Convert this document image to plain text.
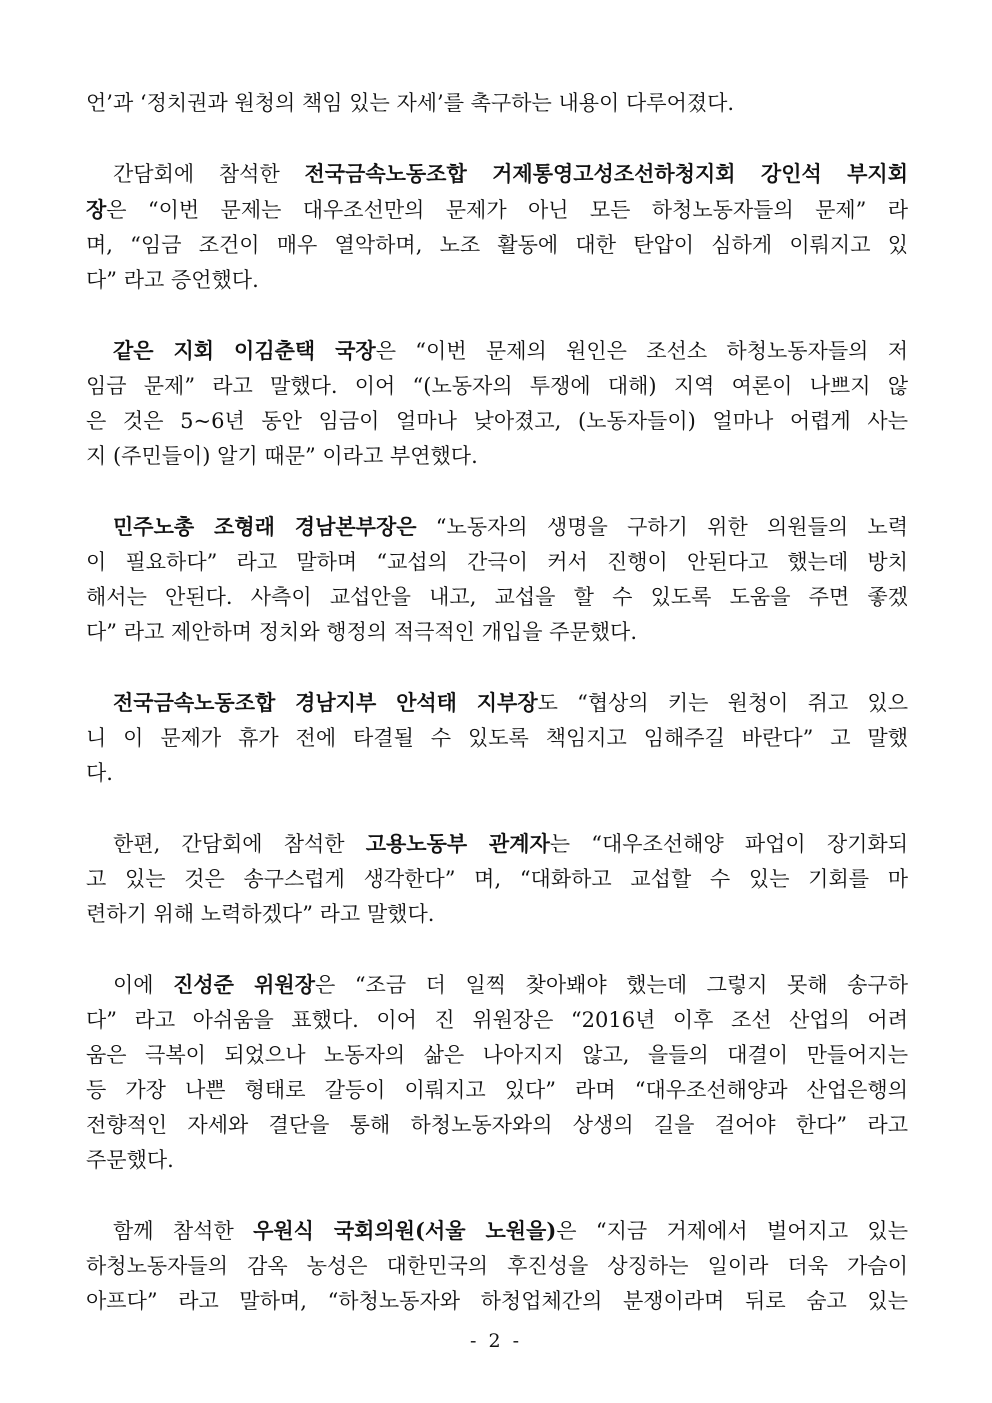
언’과 ‘정치권과 원청의 책임 있는 자세’를 촉구하는 내용이 다루어졌다.
간담회에 참석한 전국금속노동조합 거제통영고성조선하청지회 강인석 부지회
장은 “이번 문제는 대우조선만의 문제가 아닌 모든 하청노동자들의 문제” 라
며, “임금 조건이 매우 열악하며, 노조 활동에 대한 탄압이 심하게 이뤄지고 있
다” 라고 증언했다.
같은 지회 이김춘택 국장은 “이번 문제의 원인은 조선소 하청노동자들의 저
임금 문제” 라고 말했다. 이어 “(노동자의 투쟁에 대해) 지역 여론이 나쁘지 않
은 것은 5~6년 동안 임금이 얼마나 낮아졌고, (노동자들이) 얼마나 어렵게 사는
지 (주민들이) 알기 때문” 이라고 부연했다.
민주노총 조형래 경남본부장은 “노동자의 생명을 구하기 위한 의원들의 노력
이 필요하다” 라고 말하며 “교섭의 간극이 커서 진행이 안된다고 했는데 방치
해서는 안된다. 사측이 교섭안을 내고, 교섭을 할 수 있도록 도움을 주면 좋겠
다” 라고 제안하며 정치와 행정의 적극적인 개입을 주문했다.
전국금속노동조합 경남지부 안석태 지부장도 “협상의 키는 원청이 쥐고 있으
니 이 문제가 휴가 전에 타결될 수 있도록 책임지고 임해주길 바란다” 고 말했
다.
한편, 간담회에 참석한 고용노동부 관계자는 “대우조선해양 파업이 장기화되
고 있는 것은 송구스럽게 생각한다” 며, “대화하고 교섭할 수 있는 기회를 마
련하기 위해 노력하겠다” 라고 말했다.
이에 진성준 위원장은 “조금 더 일찍 찾아봬야 했는데 그렇지 못해 송구하
다” 라고 아쉬움을 표했다. 이어 진 위원장은 “2016년 이후 조선 산업의 어려
움은 극복이 되었으나 노동자의 삶은 나아지지 않고, 을들의 대결이 만들어지는
등 가장 나쁜 형태로 갈등이 이뤄지고 있다” 라며 “대우조선해양과 산업은행의
전향적인 자세와 결단을 통해 하청노동자와의 상생의 길을 걸어야 한다” 라고
주문했다.
함께 참석한 우원식 국회의원(서울 노원을)은 “지금 거제에서 벌어지고 있는
하청노동자들의 감옥 농성은 대한민국의 후진성을 상징하는 일이라 더욱 가슴이
아프다” 라고 말하며, “하청노동자와 하청업체간의 분쟁이라며 뒤로 숨고 있는
- 2 -
